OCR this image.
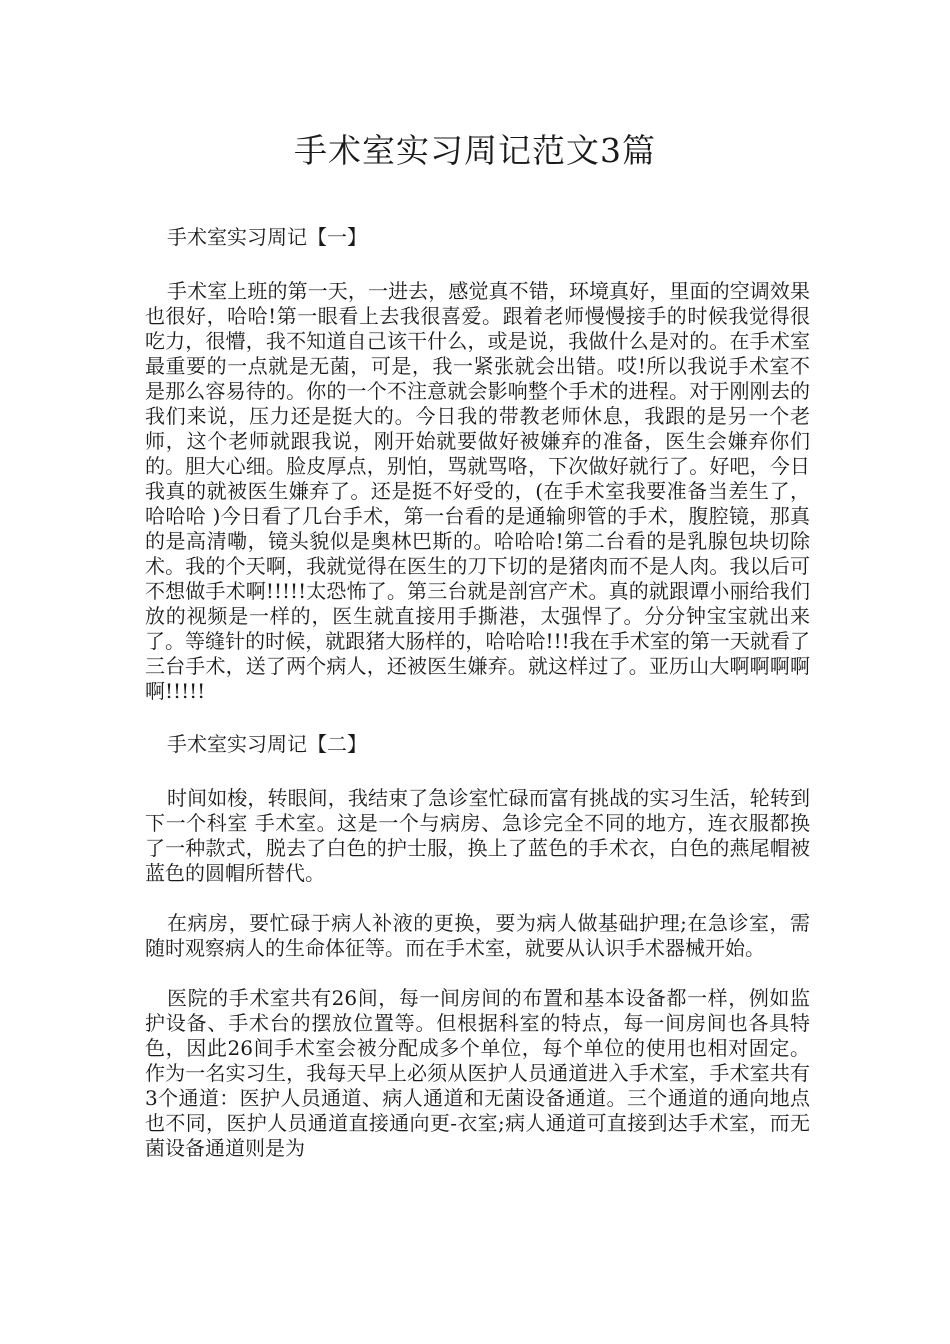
手术室实习周记范文3篇
手术室实习周记【一】

手术室上班的第一天，一进去，感觉真不错，环境真好，里面的空调效果也很好，哈哈!第一眼看上去我很喜爱。跟着老师慢慢接手的时候我觉得很吃力，很懵，我不知道自己该干什么，或是说，我做什么是对的。在手术室最重要的一点就是无菌，可是，我一紧张就会出错。哎!所以我说手术室不是那么容易待的。你的一个不注意就会影响整个手术的进程。对于刚刚去的我们来说，压力还是挺大的。今日我的带教老师休息，我跟的是另一个老师，这个老师就跟我说，刚开始就要做好被嫌弃的准备，医生会嫌弃你们的。胆大心细。脸皮厚点，别怕，骂就骂咯，下次做好就行了。好吧，今日我真的就被医生嫌弃了。还是挺不好受的，(在手术室我要准备当差生了，哈哈哈 )今日看了几台手术，第一台看的是通输卵管的手术，腹腔镜，那真的是高清嘞，镜头貌似是奥林巴斯的。哈哈哈!第二台看的是乳腺包块切除术。我的个天啊，我就觉得在医生的刀下切的是猪肉而不是人肉。我以后可不想做手术啊!!!!!太恐怖了。第三台就是剖宫产术。真的就跟谭小丽给我们放的视频是一样的，医生就直接用手撕港，太强悍了。分分钟宝宝就出来了。等缝针的时候，就跟猪大肠样的，哈哈哈!!!我在手术室的第一天就看了三台手术，送了两个病人，还被医生嫌弃。就这样过了。亚历山大啊啊啊啊啊!!!!!

手术室实习周记【二】

时间如梭，转眼间，我结束了急诊室忙碌而富有挑战的实习生活，轮转到下一个科室 手术室。这是一个与病房、急诊完全不同的地方，连衣服都换了一种款式，脱去了白色的护士服，换上了蓝色的手术衣，白色的燕尾帽被蓝色的圆帽所替代。

在病房，要忙碌于病人补液的更换，要为病人做基础护理;在急诊室，需随时观察病人的生命体征等。而在手术室，就要从认识手术器械开始。

医院的手术室共有26间，每一间房间的布置和基本设备都一样，例如监护设备、手术台的摆放位置等。但根据科室的特点，每一间房间也各具特色，因此26间手术室会被分配成多个单位，每个单位的使用也相对固定。作为一名实习生，我每天早上必须从医护人员通道进入手术室，手术室共有3个通道：医护人员通道、病人通道和无菌设备通道。三个通道的通向地点也不同，医护人员通道直接通向更-衣室;病人通道可直接到达手术室，而无菌设备通道则是为
